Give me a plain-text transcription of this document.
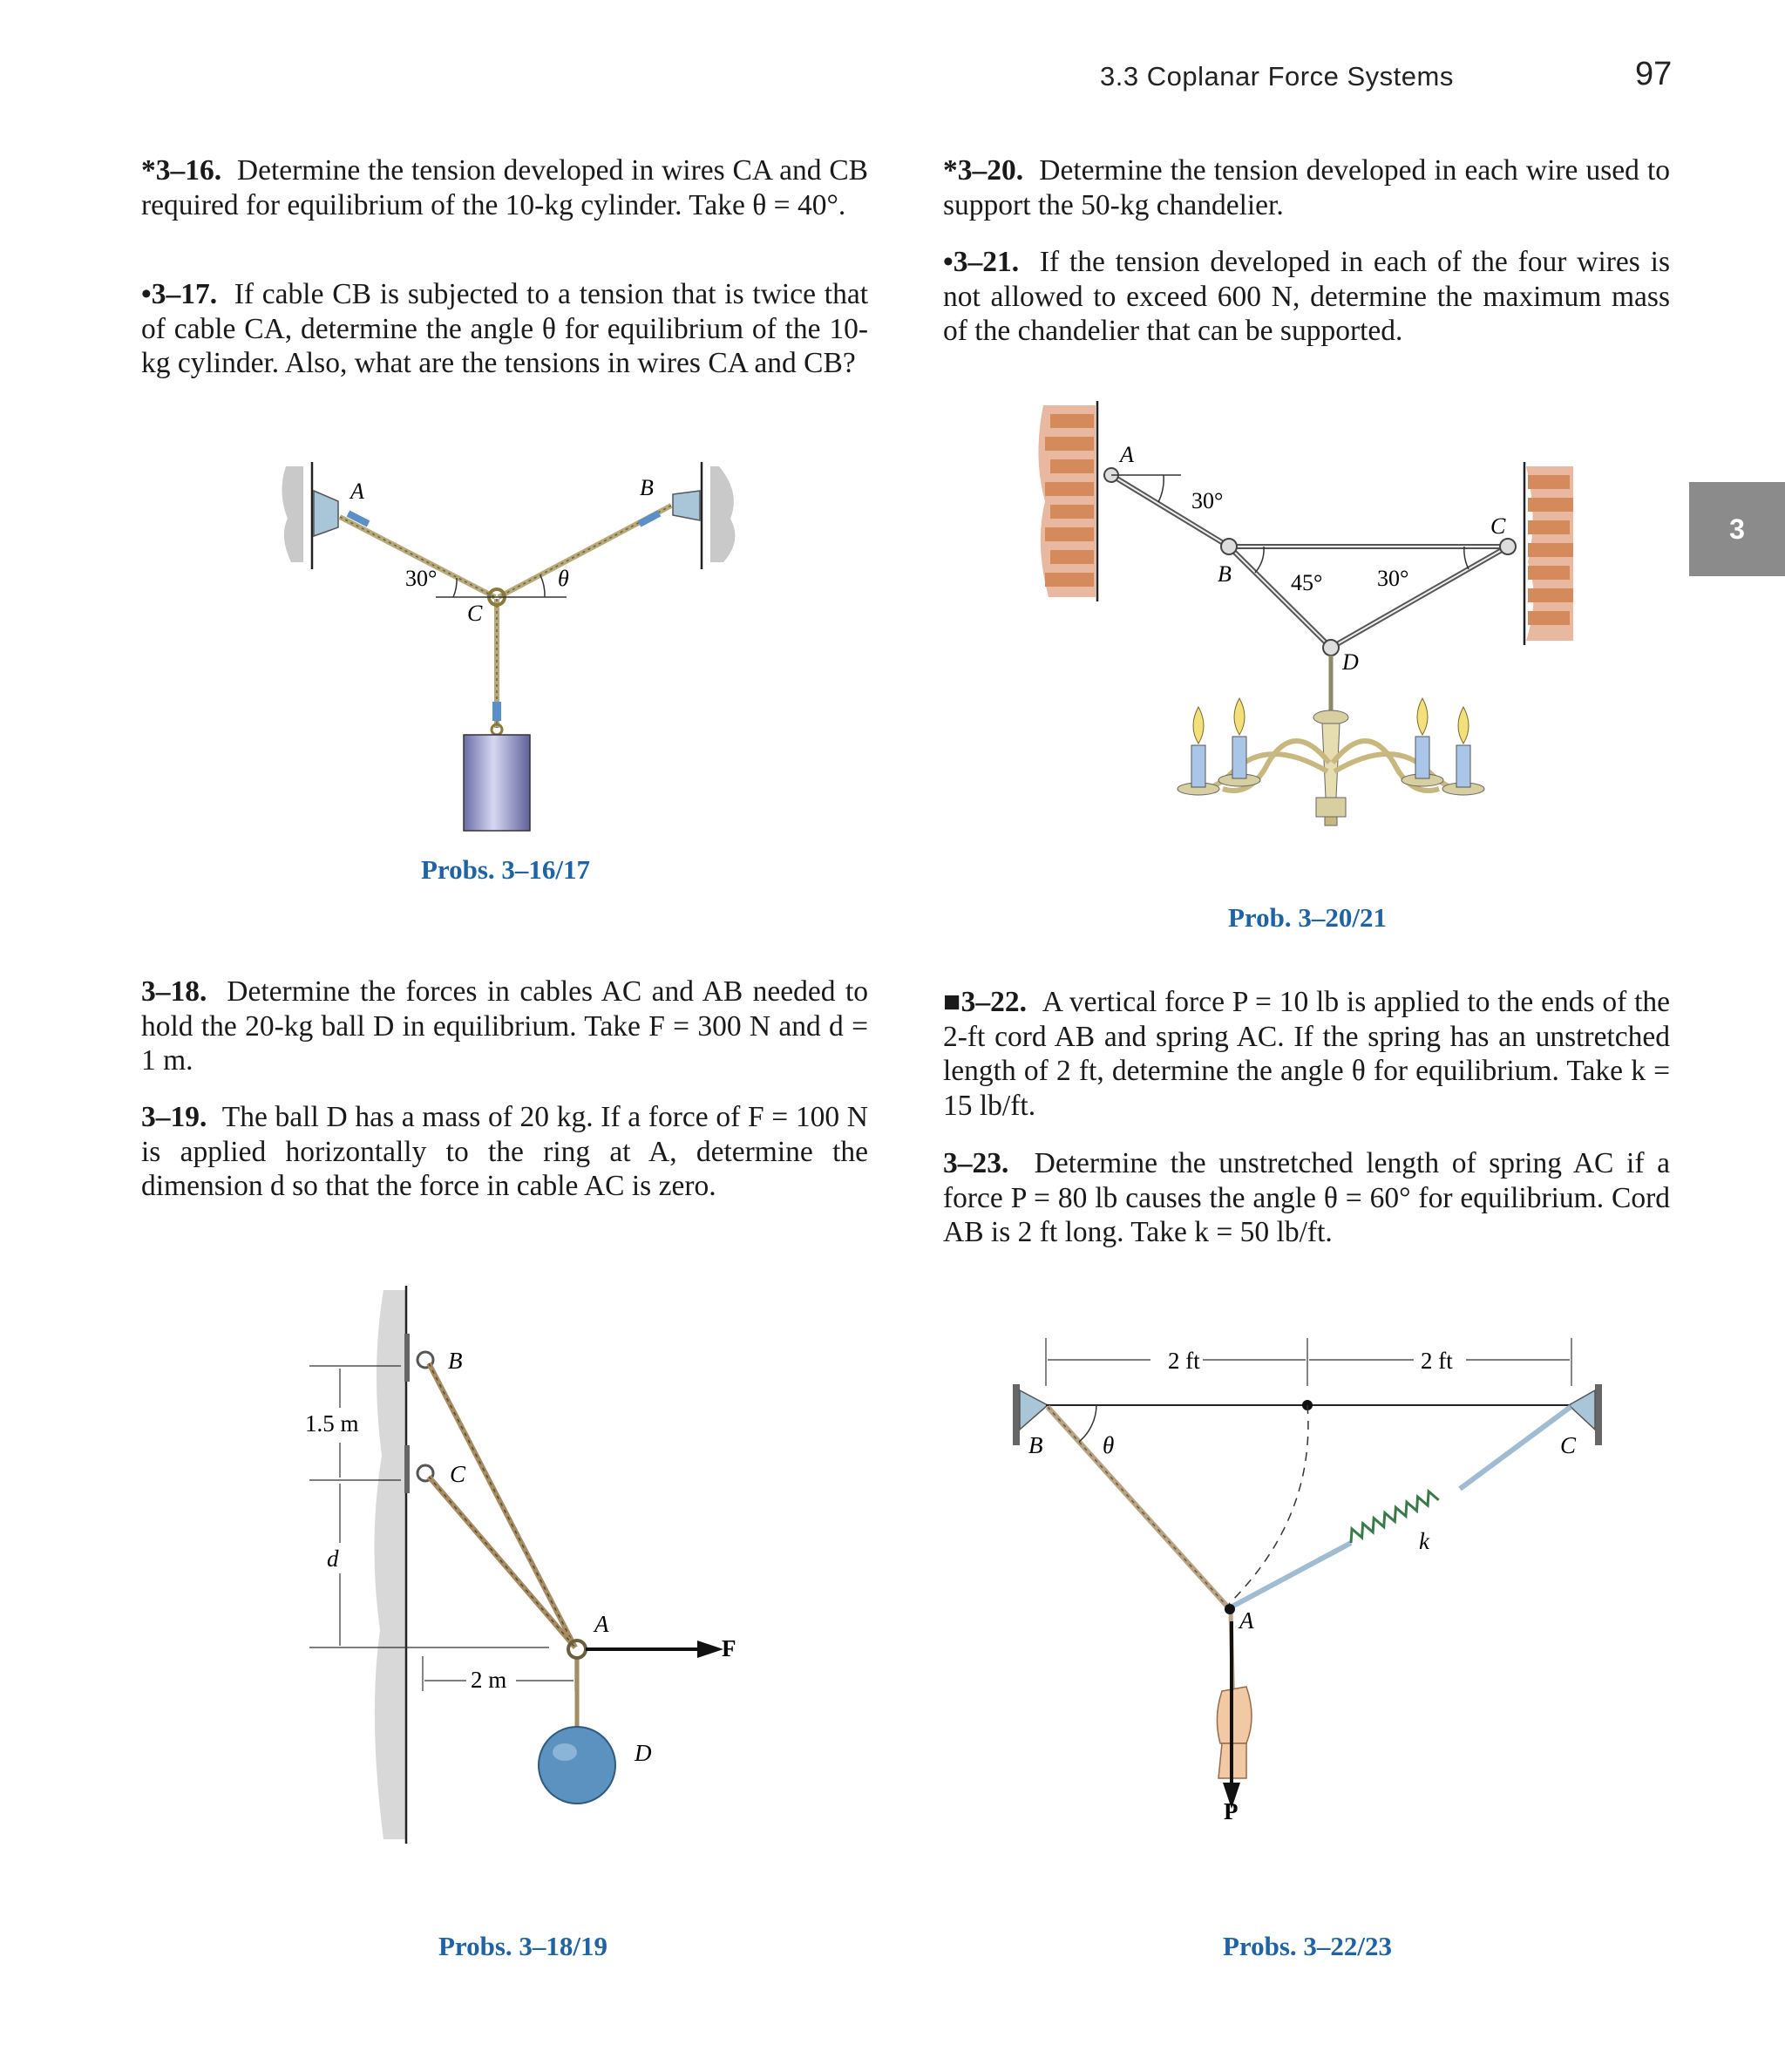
3.3 Coplanar Force Systems	97
3
*3–16. Determine the tension developed in wires CA and CB required for equilibrium of the 10-kg cylinder. Take θ = 40°.
•3–17. If cable CB is subjected to a tension that is twice that of cable CA, determine the angle θ for equilibrium of the 10-kg cylinder. Also, what are the tensions in wires CA and CB?
*3–20. Determine the tension developed in each wire used to support the 50-kg chandelier.
•3–21. If the tension developed in each of the four wires is not allowed to exceed 600 N, determine the maximum mass of the chandelier that can be supported.
A	B
C
30°	θ
Probs. 3–16/17
A
B
C
D
30°
45° 30°
Prob. 3–20/21
3–18. Determine the forces in cables AC and AB needed to hold the 20-kg ball D in equilibrium. Take F = 300 N and d = 1 m.
3–19. The ball D has a mass of 20 kg. If a force of F = 100 N is applied horizontally to the ring at A, determine the dimension d so that the force in cable AC is zero.
■3–22. A vertical force P = 10 lb is applied to the ends of the 2-ft cord AB and spring AC. If the spring has an unstretched length of 2 ft, determine the angle θ for equilibrium. Take k = 15 lb/ft.
3–23. Determine the unstretched length of spring AC if a force P = 80 lb causes the angle θ = 60° for equilibrium. Cord AB is 2 ft long. Take k = 50 lb/ft.
B
C
A
D
F
1.5 m
d
2 m
Probs. 3–18/19
2 ft	2 ft
B	θ	C
k
A
P
Probs. 3–22/23
